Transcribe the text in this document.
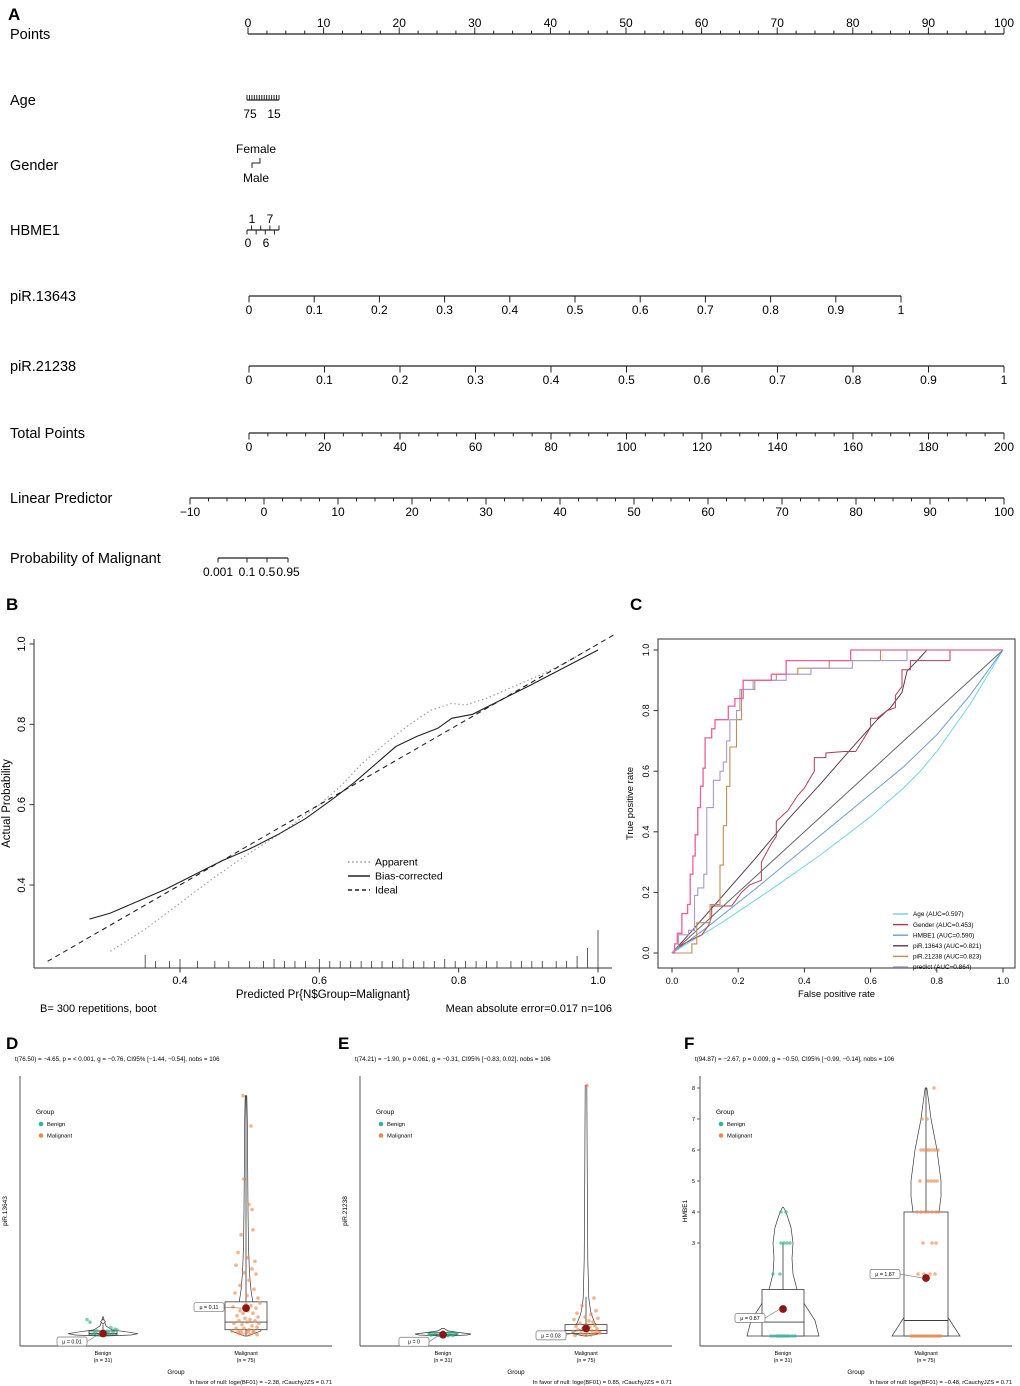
A
B	C
D	E	F
Points
0	10	20	30	40	50	60	70	80	90	100
Age
75 15
Gender
Female
Male
HBME1
1 7
0 6
piR.13643
0	0.1	0.2	0.3	0.4	0.5	0.6	0.7	0.8	0.9	1
piR.21238
0	0.1	0.2	0.3	0.4	0.5	0.6	0.7	0.8	0.9	1
Total Points
0	20	40	60	80	100	120	140	160	180	200
Linear Predictor
−10	0	10	20	30	40	50	60	70	80	90	100
Probability of Malignant
0.001 0.1 0.5 0.95
0.4	0.6	0.8	1.0
0.4
0.6
0.8
1.0
Predicted Pr{N$Group=Malignant}
Actual Probability
B= 300 repetitions, boot	Mean absolute error=0.017 n=106
Apparent
Bias-corrected
Ideal
0.0	0.2	0.4	0.6	0.8	1.0
0.0
0.2
0.4
0.6
0.8
1.0
False positive rate
True positive rate
Age (AUC=0.597)
Gender (AUC=0.453)
HMBE1 (AUC=0.590)
piR.13643 (AUC=0.821)
piR.21238 (AUC=0.823)
predict (AUC=0.864)
t(76.50) = −4.65, p = < 0.001, g = −0.76, CI95% [−1.44, −0.54], nobs = 106
piR.13643
Group
In favor of null: loge(BF01) = −2.38, rCauchyJZS = 0.71
Group
Benign
Malignant
μ = 0.01
Benign
(n = 31)
μ = 0.11
Malignant
(n = 75)
t(74.21) = −1.90, p = 0.061, g = −0.31, CI95% [−0.83, 0.02], nobs = 106
piR.21238
Group
In favor of null: loge(BF01) = 0.85, rCauchyJZS = 0.71
Group
Benign
Malignant
μ = 0
Benign
(n = 31)
μ = 0.03
Malignant
(n = 75)
t(94.87) = −2.67, p = 0.009, g = −0.50, CI95% [−0.99, −0.14], nobs = 106
3
4
5
6
7
8
HMBE1
Group
In favor of null: loge(BF01) = −0.48, rCauchyJZS = 0.71
Group
Benign
Malignant
μ = 0.87
Benign
(n = 31)
μ = 1.87
Malignant
(n = 75)
